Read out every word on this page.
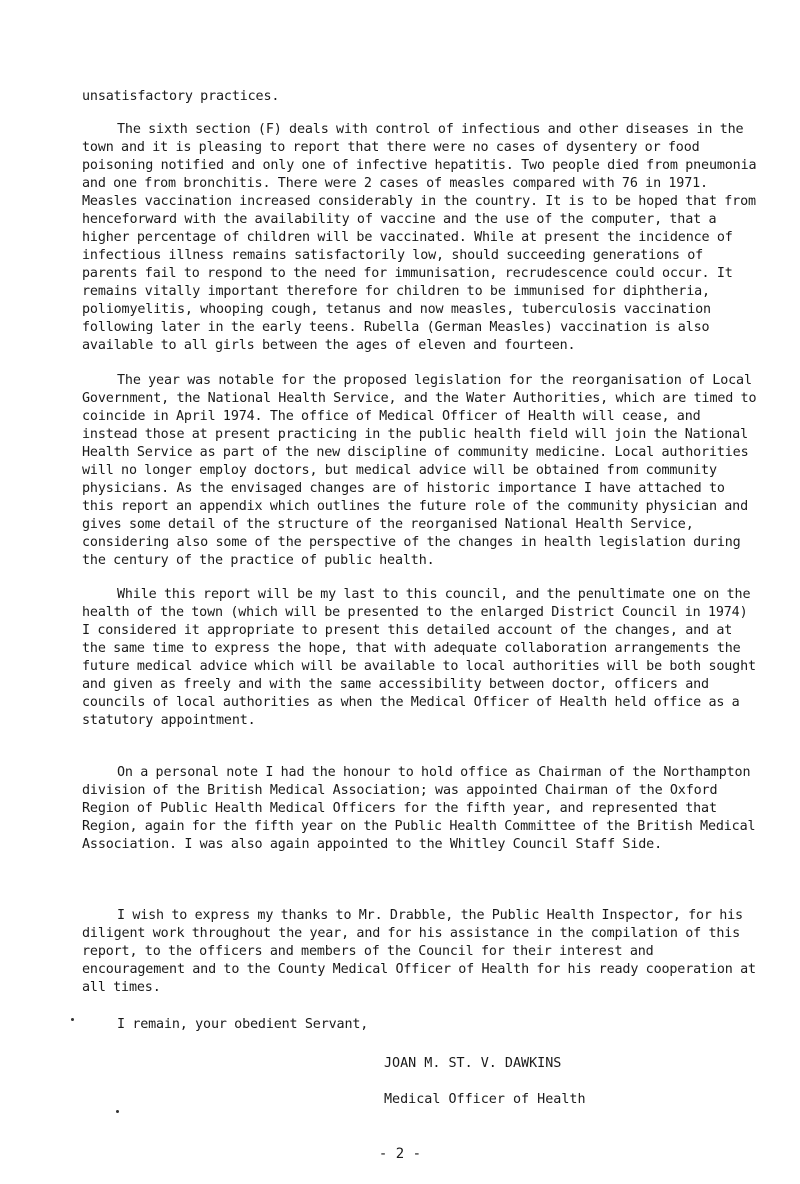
unsatisfactory practices.

The sixth section (F) deals with control of infectious and other diseases in the town and it is pleasing to report that there were no cases of dysentery or food poisoning notified and only one of infective hepatitis. Two people died from pneumonia and one from bronchitis. There were 2 cases of measles compared with 76 in 1971. Measles vaccination increased considerably in the country. It is to be hoped that from henceforward with the availability of vaccine and the use of the computer, that a higher percentage of children will be vaccinated. While at present the incidence of infectious illness remains satisfactorily low, should succeeding generations of parents fail to respond to the need for immunisation, recrudescence could occur. It remains vitally important therefore for children to be immunised for diphtheria, poliomyelitis, whooping cough, tetanus and now measles, tuberculosis vaccination following later in the early teens. Rubella (German Measles) vaccination is also available to all girls between the ages of eleven and fourteen.

The year was notable for the proposed legislation for the reorganisation of Local Government, the National Health Service, and the Water Authorities, which are timed to coincide in April 1974. The office of Medical Officer of Health will cease, and instead those at present practicing in the public health field will join the National Health Service as part of the new discipline of community medicine. Local authorities will no longer employ doctors, but medical advice will be obtained from community physicians. As the envisaged changes are of historic importance I have attached to this report an appendix which outlines the future role of the community physician and gives some detail of the structure of the reorganised National Health Service, considering also some of the perspective of the changes in health legislation during the century of the practice of public health.

While this report will be my last to this council, and the penultimate one on the health of the town (which will be presented to the enlarged District Council in 1974) I considered it appropriate to present this detailed account of the changes, and at the same time to express the hope, that with adequate collaboration arrangements the future medical advice which will be available to local authorities will be both sought and given as freely and with the same accessibility between doctor, officers and councils of local authorities as when the Medical Officer of Health held office as a statutory appointment.

On a personal note I had the honour to hold office as Chairman of the Northampton division of the British Medical Association; was appointed Chairman of the Oxford Region of Public Health Medical Officers for the fifth year, and represented that Region, again for the fifth year on the Public Health Committee of the British Medical Association. I was also again appointed to the Whitley Council Staff Side.

I wish to express my thanks to Mr. Drabble, the Public Health Inspector, for his diligent work throughout the year, and for his assistance in the compilation of this report, to the officers and members of the Council for their interest and encouragement and to the County Medical Officer of Health for his ready cooperation at all times.

I remain, your obedient Servant,

JOAN M. ST. V. DAWKINS

Medical Officer of Health

- 2 -
